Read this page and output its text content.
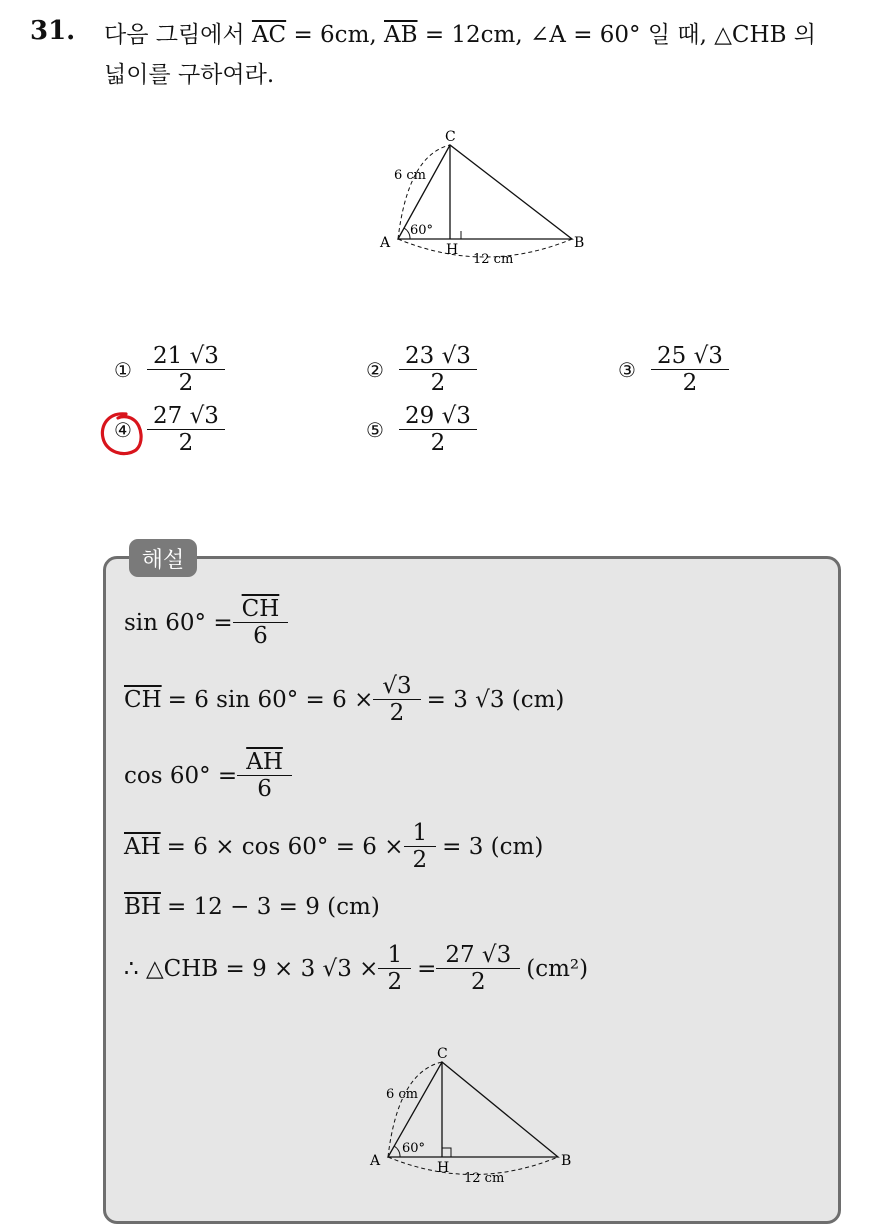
31. 다음 그림에서 $\overline{AC} = 6cm$, $\overline{AB} = 12cm$, ∠A = 60° 일 때, △CHB 의
넓이를 구하여라.
C
A	B
H
6 cm
12 cm
60°
① $\frac{21 √3}{2}$	② $\frac{23 √3}{2}$	③ $\frac{25 √3}{2}$
④ $\frac{27 √3}{2}$	⑤ $\frac{29 √3}{2}$
해설
$\sin 60^\circ = \frac{\overline{CH}}{6}$
$\overline{CH} = 6$ $\sin 60^\circ = 6 \times \frac{√3}{2} = 3$ √3 (cm)
$\cos 60^\circ = \frac{\overline{AH}}{6}$
$\overline{AH} = 6 \times \cos 60^\circ = 6 \times \frac{1}{2} = 3$ (cm)
$\overline{BH} = 12 - 3 = 9$ (cm)
∴ △CHB = 9 × 3 $√3 \times \frac{1}{2} = \frac{27 √3}{2} (cm^2)$
C
A	B
H
6 cm
12 cm
60°
